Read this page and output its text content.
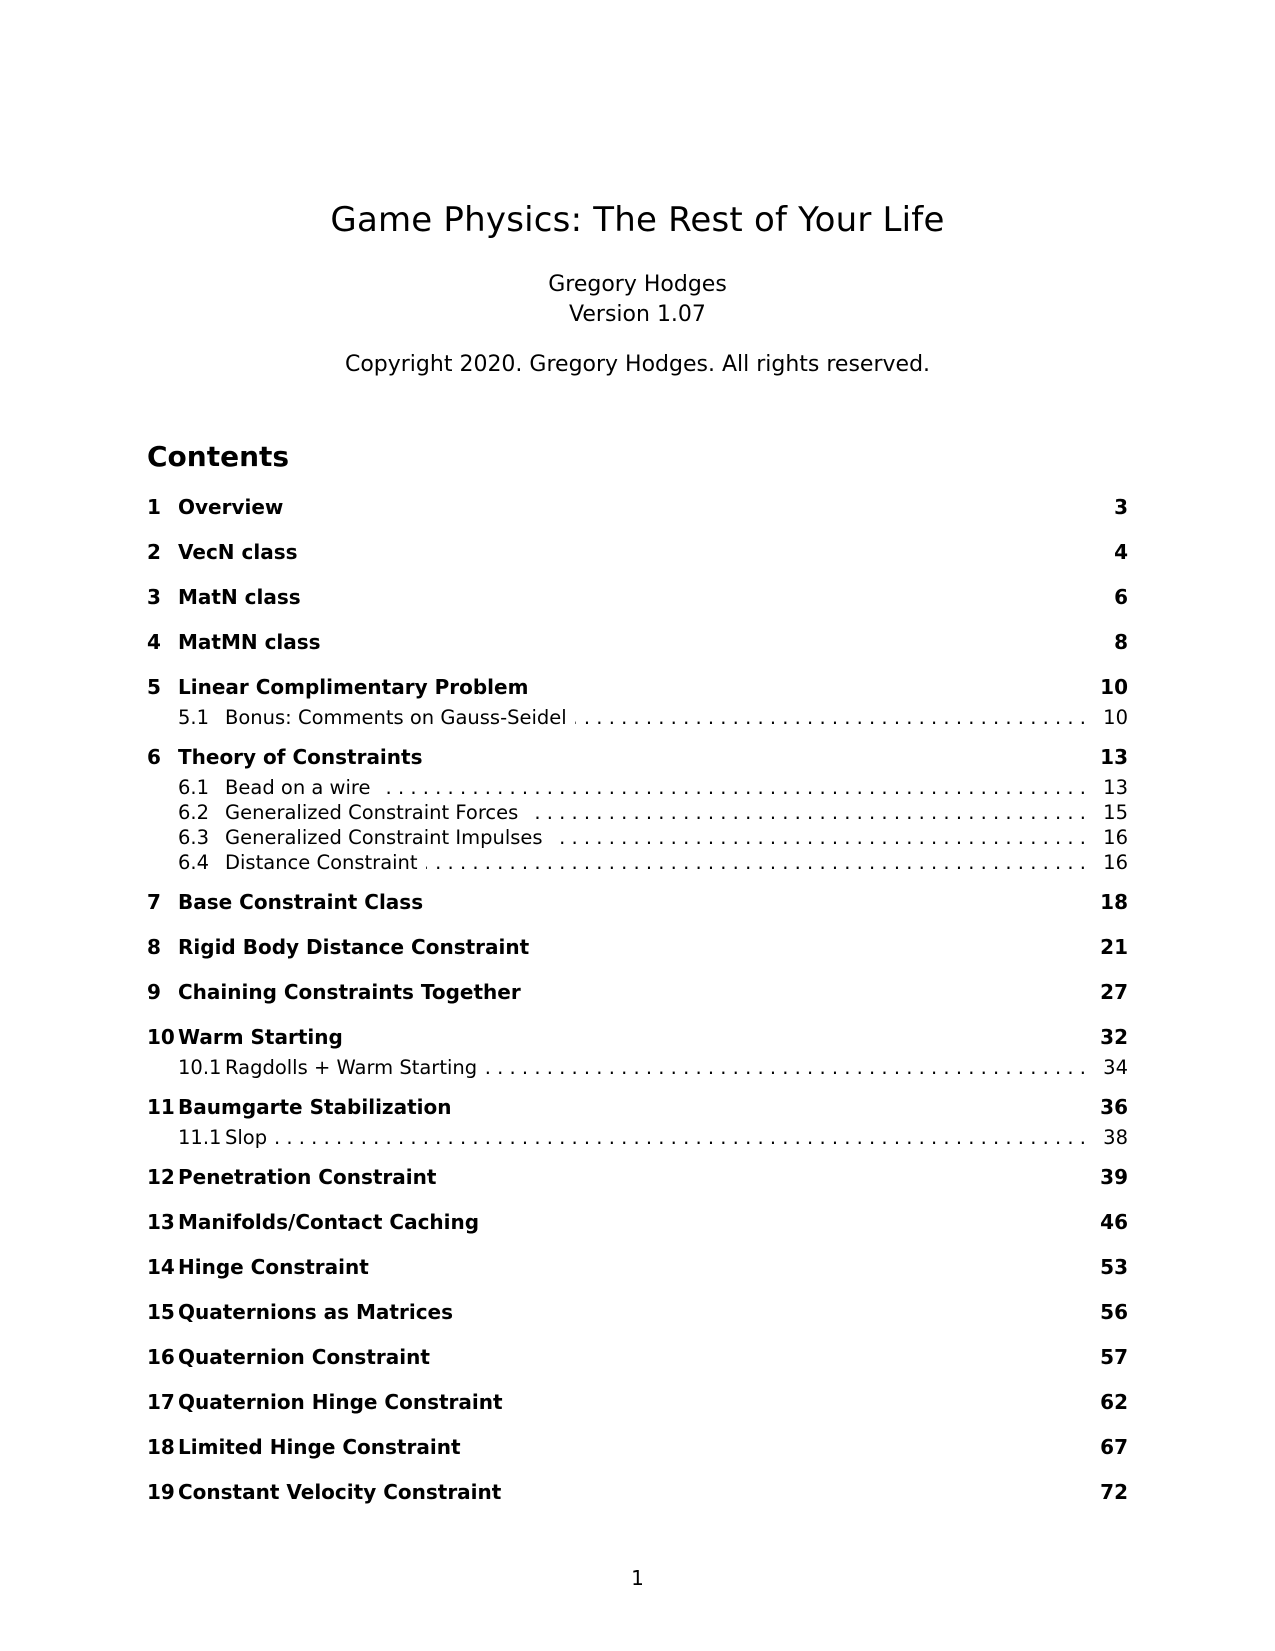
Game Physics: The Rest of Your Life
Gregory Hodges
Version 1.07
Copyright 2020. Gregory Hodges. All rights reserved.
Contents
1 Overview	3
2 VecN class	4
3 MatN class	6
4 MatMN class	8
5 Linear Complimentary Problem	10
5.1 Bonus: Comments on Gauss-Seidel . . .	10
6 Theory of Constraints	13
6.1 Bead on a wire . . .	13
6.2 Generalized Constraint Forces . . .	15
6.3 Generalized Constraint Impulses . . .	16
6.4 Distance Constraint . . .	16
7 Base Constraint Class	18
8 Rigid Body Distance Constraint	21
9 Chaining Constraints Together	27
10 Warm Starting	32
10.1 Ragdolls + Warm Starting . . .	34
11 Baumgarte Stabilization	36
11.1 Slop . . .	38
12 Penetration Constraint	39
13 Manifolds/Contact Caching	46
14 Hinge Constraint	53
15 Quaternions as Matrices	56
16 Quaternion Constraint	57
17 Quaternion Hinge Constraint	62
18 Limited Hinge Constraint	67
19 Constant Velocity Constraint	72
1
